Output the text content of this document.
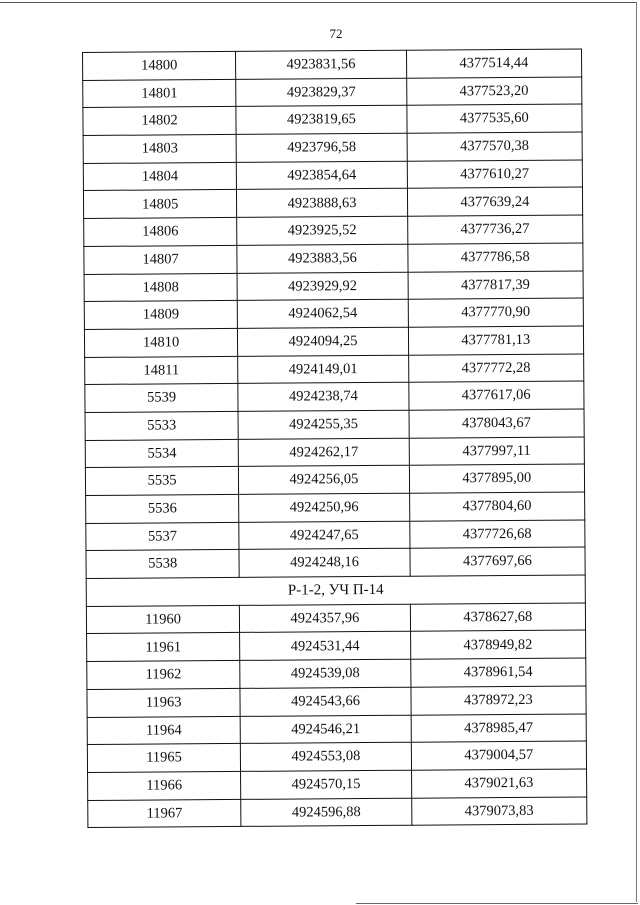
72
14800	4923831,56	4377514,44
14801	4923829,37	4377523,20
14802	4923819,65	4377535,60
14803	4923796,58	4377570,38
14804	4923854,64	4377610,27
14805	4923888,63	4377639,24
14806	4923925,52	4377736,27
14807	4923883,56	4377786,58
14808	4923929,92	4377817,39
14809	4924062,54	4377770,90
14810	4924094,25	4377781,13
14811	4924149,01	4377772,28
5539	4924238,74	4377617,06
5533	4924255,35	4378043,67
5534	4924262,17	4377997,11
5535	4924256,05	4377895,00
5536	4924250,96	4377804,60
5537	4924247,65	4377726,68
5538	4924248,16	4377697,66
Р-1-2, УЧ П-14		
11960	4924357,96	4378627,68
11961	4924531,44	4378949,82
11962	4924539,08	4378961,54
11963	4924543,66	4378972,23
11964	4924546,21	4378985,47
11965	4924553,08	4379004,57
11966	4924570,15	4379021,63
11967	4924596,88	4379073,83
